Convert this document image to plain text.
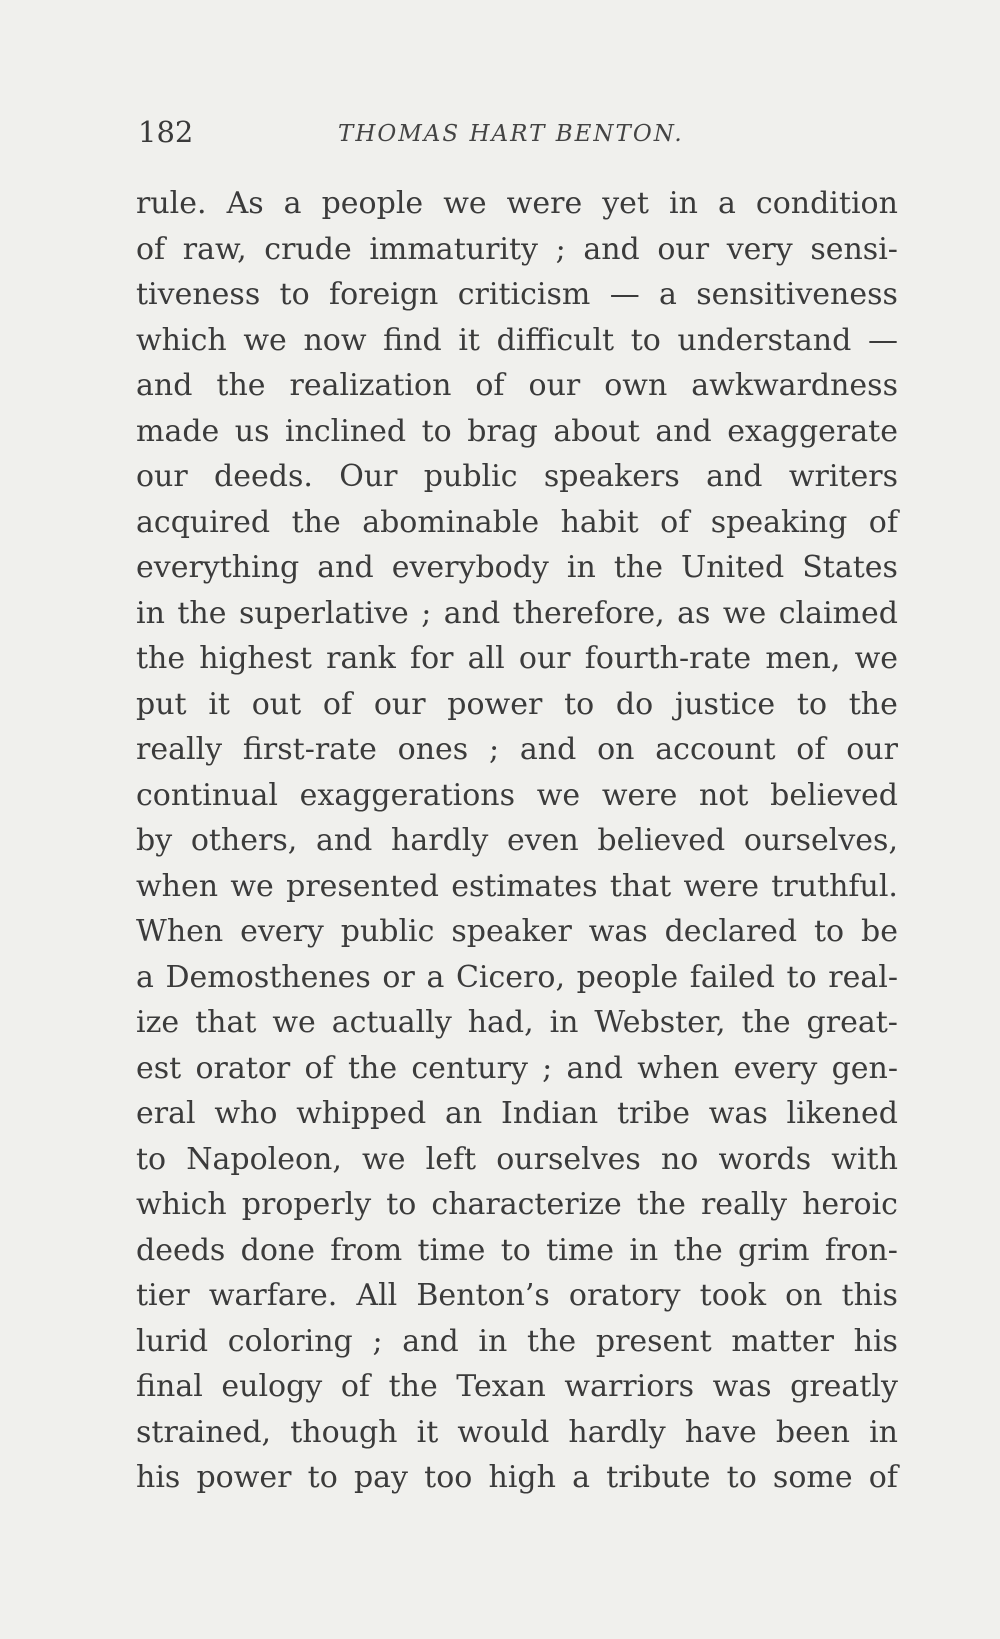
182	THOMAS HART BENTON.
rule. As a people we were yet in a condition
of raw, crude immaturity ; and our very sensi-
tiveness to foreign criticism — a sensitiveness
which we now find it difficult to understand —
and the realization of our own awkwardness
made us inclined to brag about and exaggerate
our deeds. Our public speakers and writers
acquired the abominable habit of speaking of
everything and everybody in the United States
in the superlative ; and therefore, as we claimed
the highest rank for all our fourth-rate men, we
put it out of our power to do justice to the
really first-rate ones ; and on account of our
continual exaggerations we were not believed
by others, and hardly even believed ourselves,
when we presented estimates that were truthful.
When every public speaker was declared to be
a Demosthenes or a Cicero, people failed to real-
ize that we actually had, in Webster, the great-
est orator of the century ; and when every gen-
eral who whipped an Indian tribe was likened
to Napoleon, we left ourselves no words with
which properly to characterize the really heroic
deeds done from time to time in the grim fron-
tier warfare. All Benton’s oratory took on this
lurid coloring ; and in the present matter his
final eulogy of the Texan warriors was greatly
strained, though it would hardly have been in
his power to pay too high a tribute to some of
